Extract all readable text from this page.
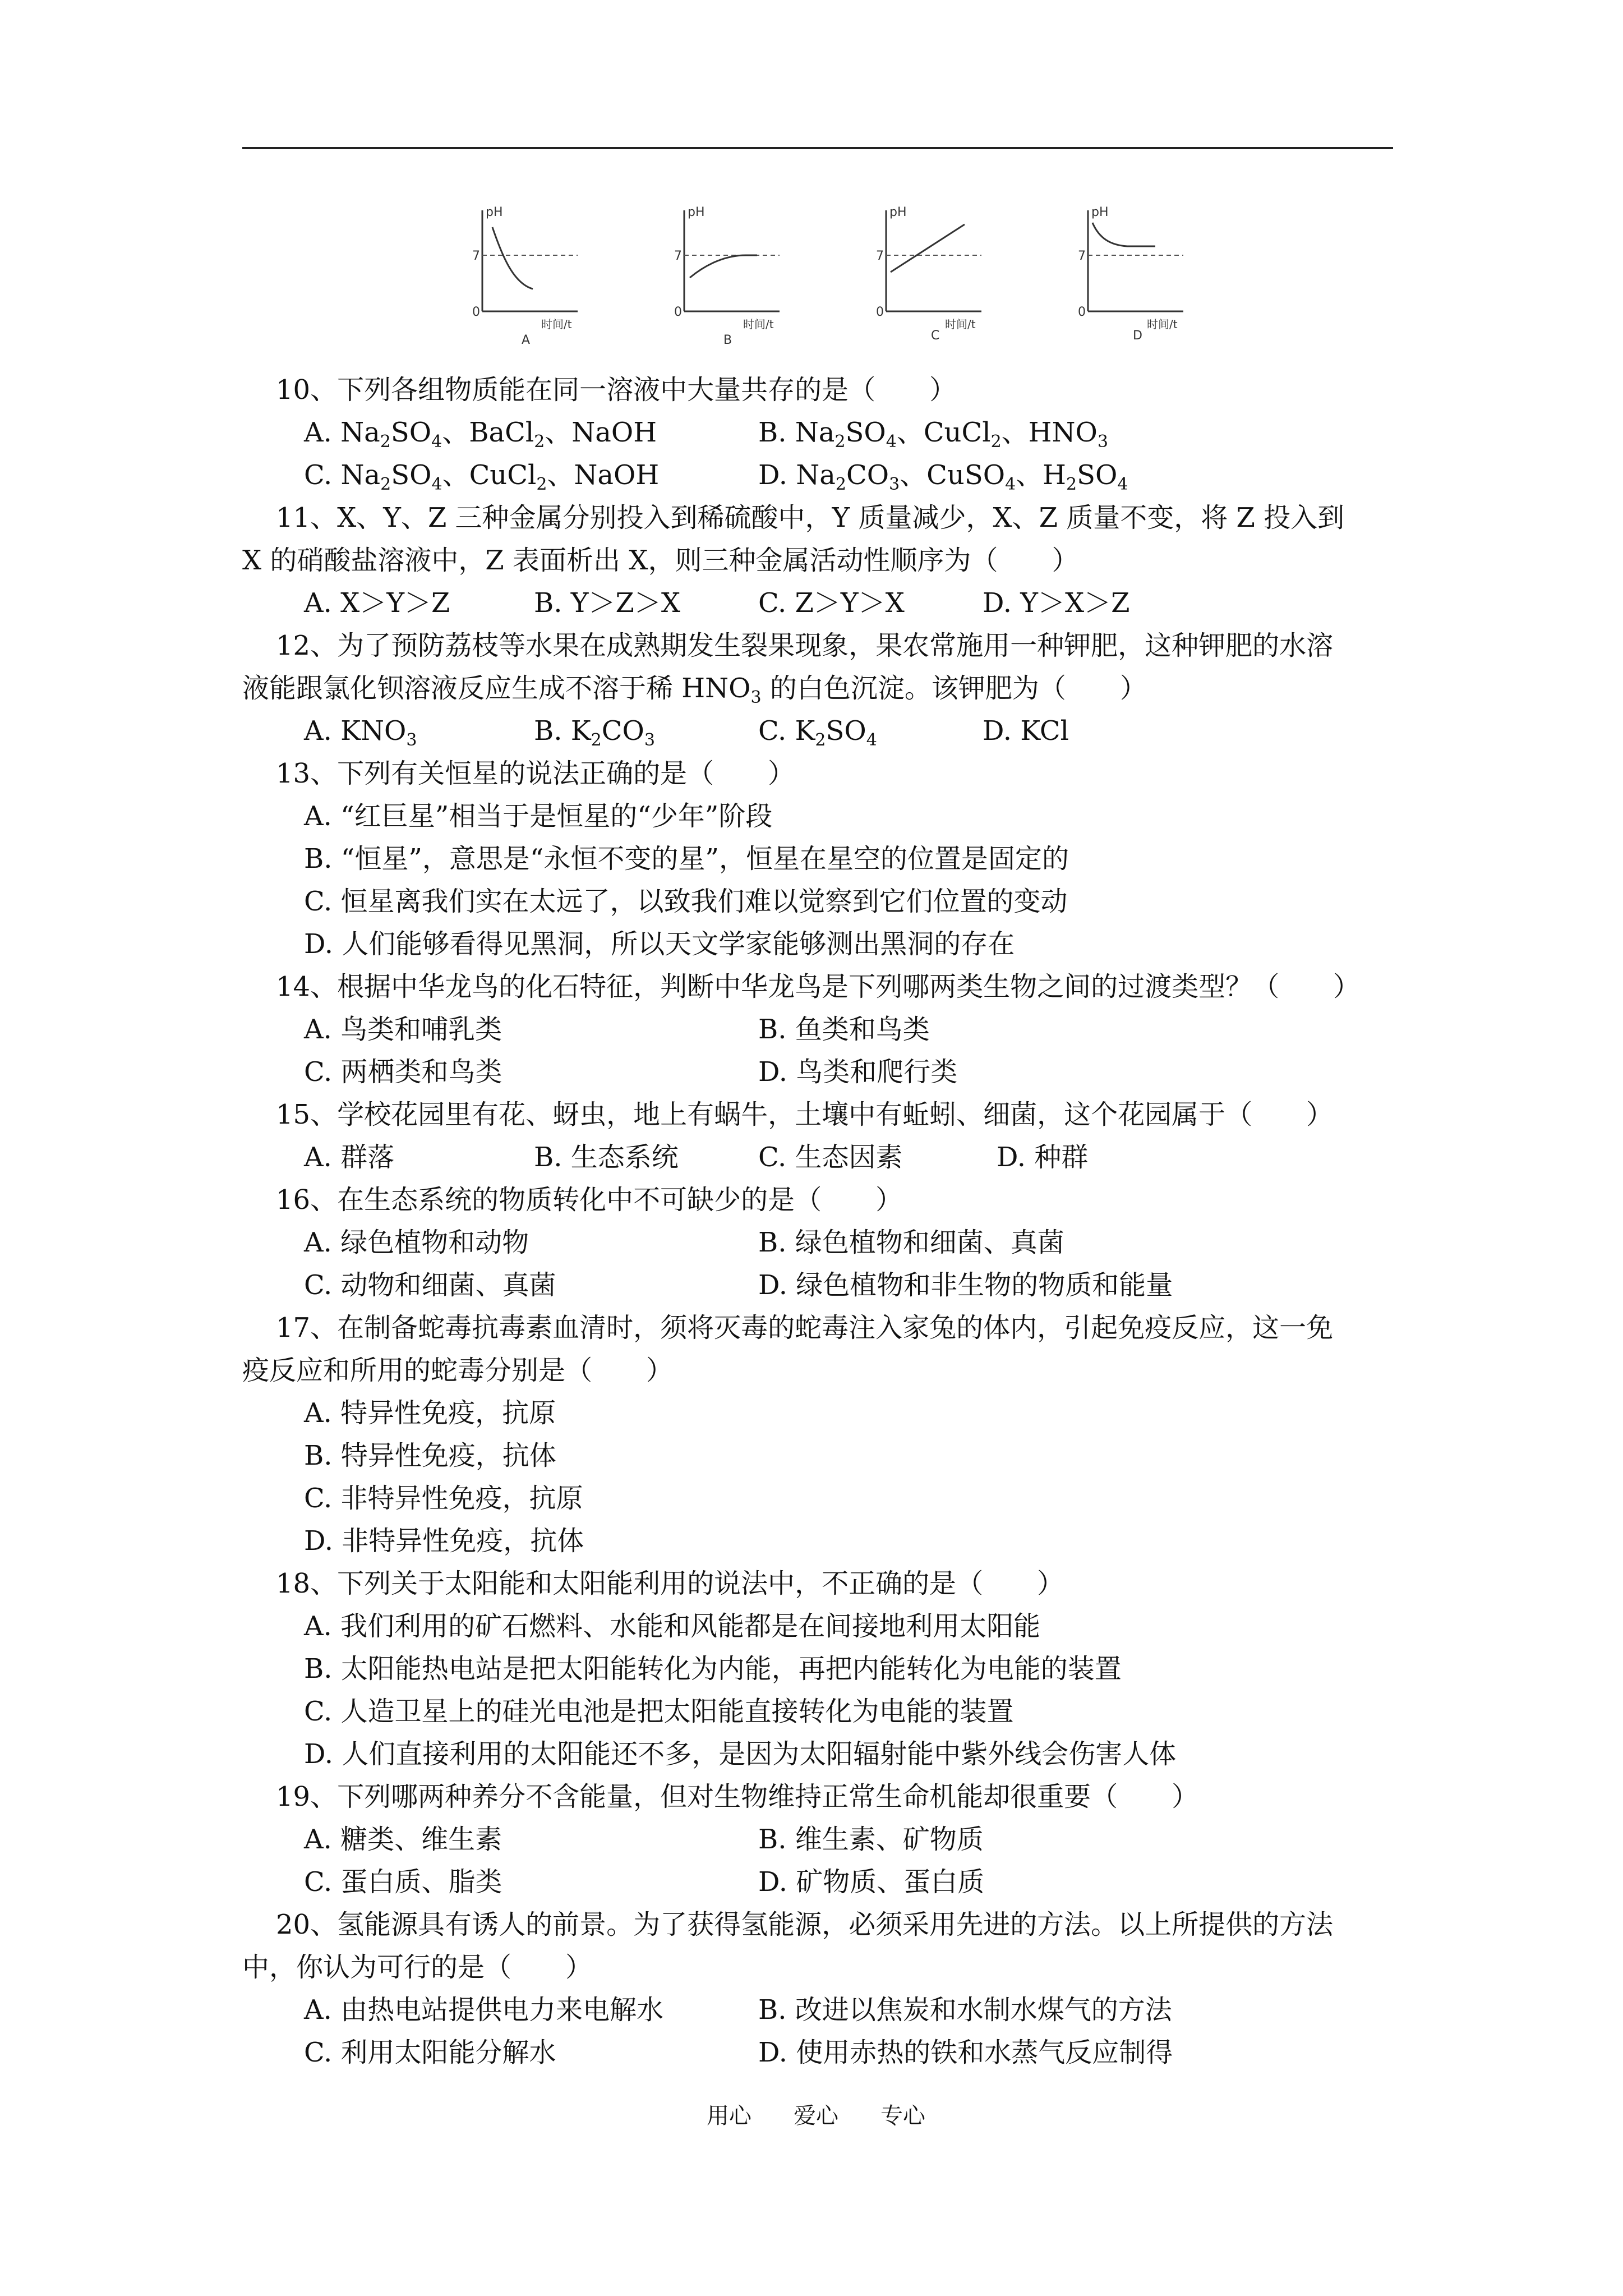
pH
7
0
时间/t
A
pH
7
0
时间/t
B
pH
7
0
时间/t
C
pH
7
0
时间/t
D
10、下列各组物质能在同一溶液中大量共存的是（　　）
A. $Na_2SO_4$、BaCl$_2$、NaOH	B. $Na_2SO_4$、CuCl$_2$、$HNO_3$
C. $Na_2SO_4$、CuCl$_2$、NaOH	D. $Na_2CO_3$、CuSO$_4$、$H_2SO_4$
11、X、Y、Z 三种金属分别投入到稀硫酸中，Y 质量减少，X、Z 质量不变，将 Z 投入到
X 的硝酸盐溶液中，Z 表面析出 X，则三种金属活动性顺序为（　　）
A. X＞Y＞Z	B. Y＞Z＞X	C. Z＞Y＞X	D. Y＞X＞Z
12、为了预防荔枝等水果在成熟期发生裂果现象，果农常施用一种钾肥，这种钾肥的水溶
液能跟氯化钡溶液反应生成不溶于稀 $HNO_3$ 的白色沉淀。该钾肥为（　　）
A. $KNO_3$	B. $K_2CO_3$	C. $K_2SO_4$	D. KCl
13、下列有关恒星的说法正确的是（　　）
A. “红巨星”相当于是恒星的“少年”阶段
B. “恒星”，意思是“永恒不变的星”，恒星在星空的位置是固定的
C. 恒星离我们实在太远了，以致我们难以觉察到它们位置的变动
D. 人们能够看得见黑洞，所以天文学家能够测出黑洞的存在
14、根据中华龙鸟的化石特征，判断中华龙鸟是下列哪两类生物之间的过渡类型？（　　）
A. 鸟类和哺乳类	B. 鱼类和鸟类
C. 两栖类和鸟类	D. 鸟类和爬行类
15、学校花园里有花、蚜虫，地上有蜗牛，土壤中有蚯蚓、细菌，这个花园属于（　　）
A. 群落	B. 生态系统	C. 生态因素	D. 种群
16、在生态系统的物质转化中不可缺少的是（　　）
A. 绿色植物和动物	B. 绿色植物和细菌、真菌
C. 动物和细菌、真菌	D. 绿色植物和非生物的物质和能量
17、在制备蛇毒抗毒素血清时，须将灭毒的蛇毒注入家兔的体内，引起免疫反应，这一免
疫反应和所用的蛇毒分别是（　　）
A. 特异性免疫，抗原
B. 特异性免疫，抗体
C. 非特异性免疫，抗原
D. 非特异性免疫，抗体
18、下列关于太阳能和太阳能利用的说法中，不正确的是（　　）
A. 我们利用的矿石燃料、水能和风能都是在间接地利用太阳能
B. 太阳能热电站是把太阳能转化为内能，再把内能转化为电能的装置
C. 人造卫星上的硅光电池是把太阳能直接转化为电能的装置
D. 人们直接利用的太阳能还不多，是因为太阳辐射能中紫外线会伤害人体
19、下列哪两种养分不含能量，但对生物维持正常生命机能却很重要（　　）
A. 糖类、维生素	B. 维生素、矿物质
C. 蛋白质、脂类	D. 矿物质、蛋白质
20、氢能源具有诱人的前景。为了获得氢能源，必须采用先进的方法。以上所提供的方法
中，你认为可行的是（　　）
A. 由热电站提供电力来电解水	B. 改进以焦炭和水制水煤气的方法
C. 利用太阳能分解水	D. 使用赤热的铁和水蒸气反应制得
用心 爱心 专心
